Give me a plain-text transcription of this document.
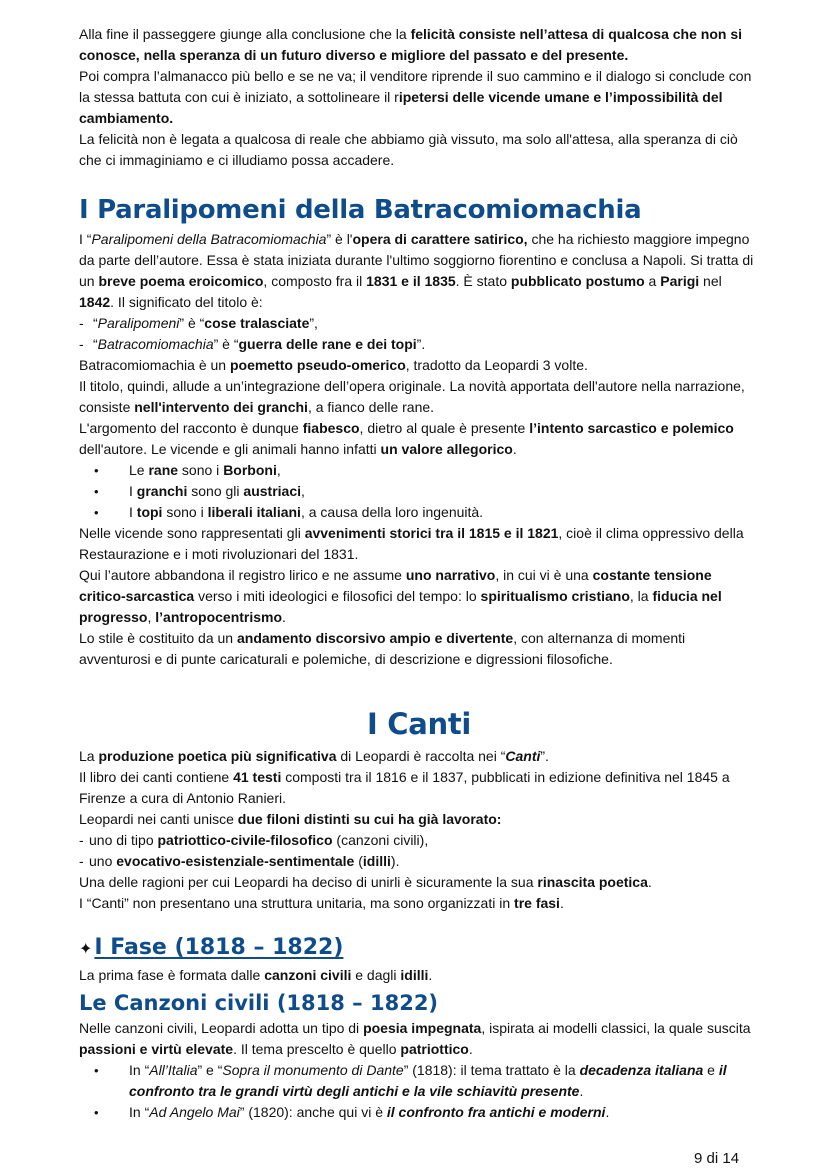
Alla fine il passeggere giunge alla conclusione che la felicità consiste nell’attesa di qualcosa che non si conosce, nella speranza di un futuro diverso e migliore del passato e del presente.

Poi compra l’almanacco più bello e se ne va; il venditore riprende il suo cammino e il dialogo si conclude con la stessa battuta con cui è iniziato, a sottolineare il ripetersi delle vicende umane e l’impossibilità del cambiamento.

La felicità non è legata a qualcosa di reale che abbiamo già vissuto, ma solo all'attesa, alla speranza di ciò che ci immaginiamo e ci illudiamo possa accadere.

I Paralipomeni della Batracomiomachia

I “Paralipomeni della Batracomiomachia” è l'opera di carattere satirico, che ha richiesto maggiore impegno da parte dell’autore. Essa è stata iniziata durante l'ultimo soggiorno fiorentino e conclusa a Napoli. Si tratta di un breve poema eroicomico, composto fra il 1831 e il 1835. È stato pubblicato postumo a Parigi nel 1842. Il significato del titolo è:

- “Paralipomeni” è “cose tralasciate”,

- “Batracomiomachia” è “guerra delle rane e dei topi”.

Batracomiomachia è un poemetto pseudo-omerico, tradotto da Leopardi 3 volte.

Il titolo, quindi, allude a un’integrazione dell’opera originale. La novità apportata dell'autore nella narrazione, consiste nell'intervento dei granchi, a fianco delle rane.

L'argomento del racconto è dunque fiabesco, dietro al quale è presente l’intento sarcastico e polemico dell'autore. Le vicende e gli animali hanno infatti un valore allegorico.

• Le rane sono i Borboni,
• I granchi sono gli austriaci,
• I topi sono i liberali italiani, a causa della loro ingenuità.

Nelle vicende sono rappresentati gli avvenimenti storici tra il 1815 e il 1821, cioè il clima oppressivo della Restaurazione e i moti rivoluzionari del 1831.

Qui l’autore abbandona il registro lirico e ne assume uno narrativo, in cui vi è una costante tensione critico-sarcastica verso i miti ideologici e filosofici del tempo: lo spiritualismo cristiano, la fiducia nel progresso, l’antropocentrismo.

Lo stile è costituito da un andamento discorsivo ampio e divertente, con alternanza di momenti avventurosi e di punte caricaturali e polemiche, di descrizione e digressioni filosofiche.

I Canti

La produzione poetica più significativa di Leopardi è raccolta nei “Canti”.

Il libro dei canti contiene 41 testi composti tra il 1816 e il 1837, pubblicati in edizione definitiva nel 1845 a Firenze a cura di Antonio Ranieri.

Leopardi nei canti unisce due filoni distinti su cui ha già lavorato:

- uno di tipo patriottico-civile-filosofico (canzoni civili),

- uno evocativo-esistenziale-sentimentale (idilli).

Una delle ragioni per cui Leopardi ha deciso di unirli è sicuramente la sua rinascita poetica.

I “Canti” non presentano una struttura unitaria, ma sono organizzati in tre fasi.

✦I Fase (1818 – 1822)

La prima fase è formata dalle canzoni civili e dagli idilli.

Le Canzoni civili (1818 – 1822)

Nelle canzoni civili, Leopardi adotta un tipo di poesia impegnata, ispirata ai modelli classici, la quale suscita passioni e virtù elevate. Il tema prescelto è quello patriottico.

• In “All’Italia” e “Sopra il monumento di Dante” (1818): il tema trattato è la decadenza italiana e il confronto tra le grandi virtù degli antichi e la vile schiavitù presente.
• In “Ad Angelo Mai” (1820): anche qui vi è il confronto fra antichi e moderni.
9 di 14
